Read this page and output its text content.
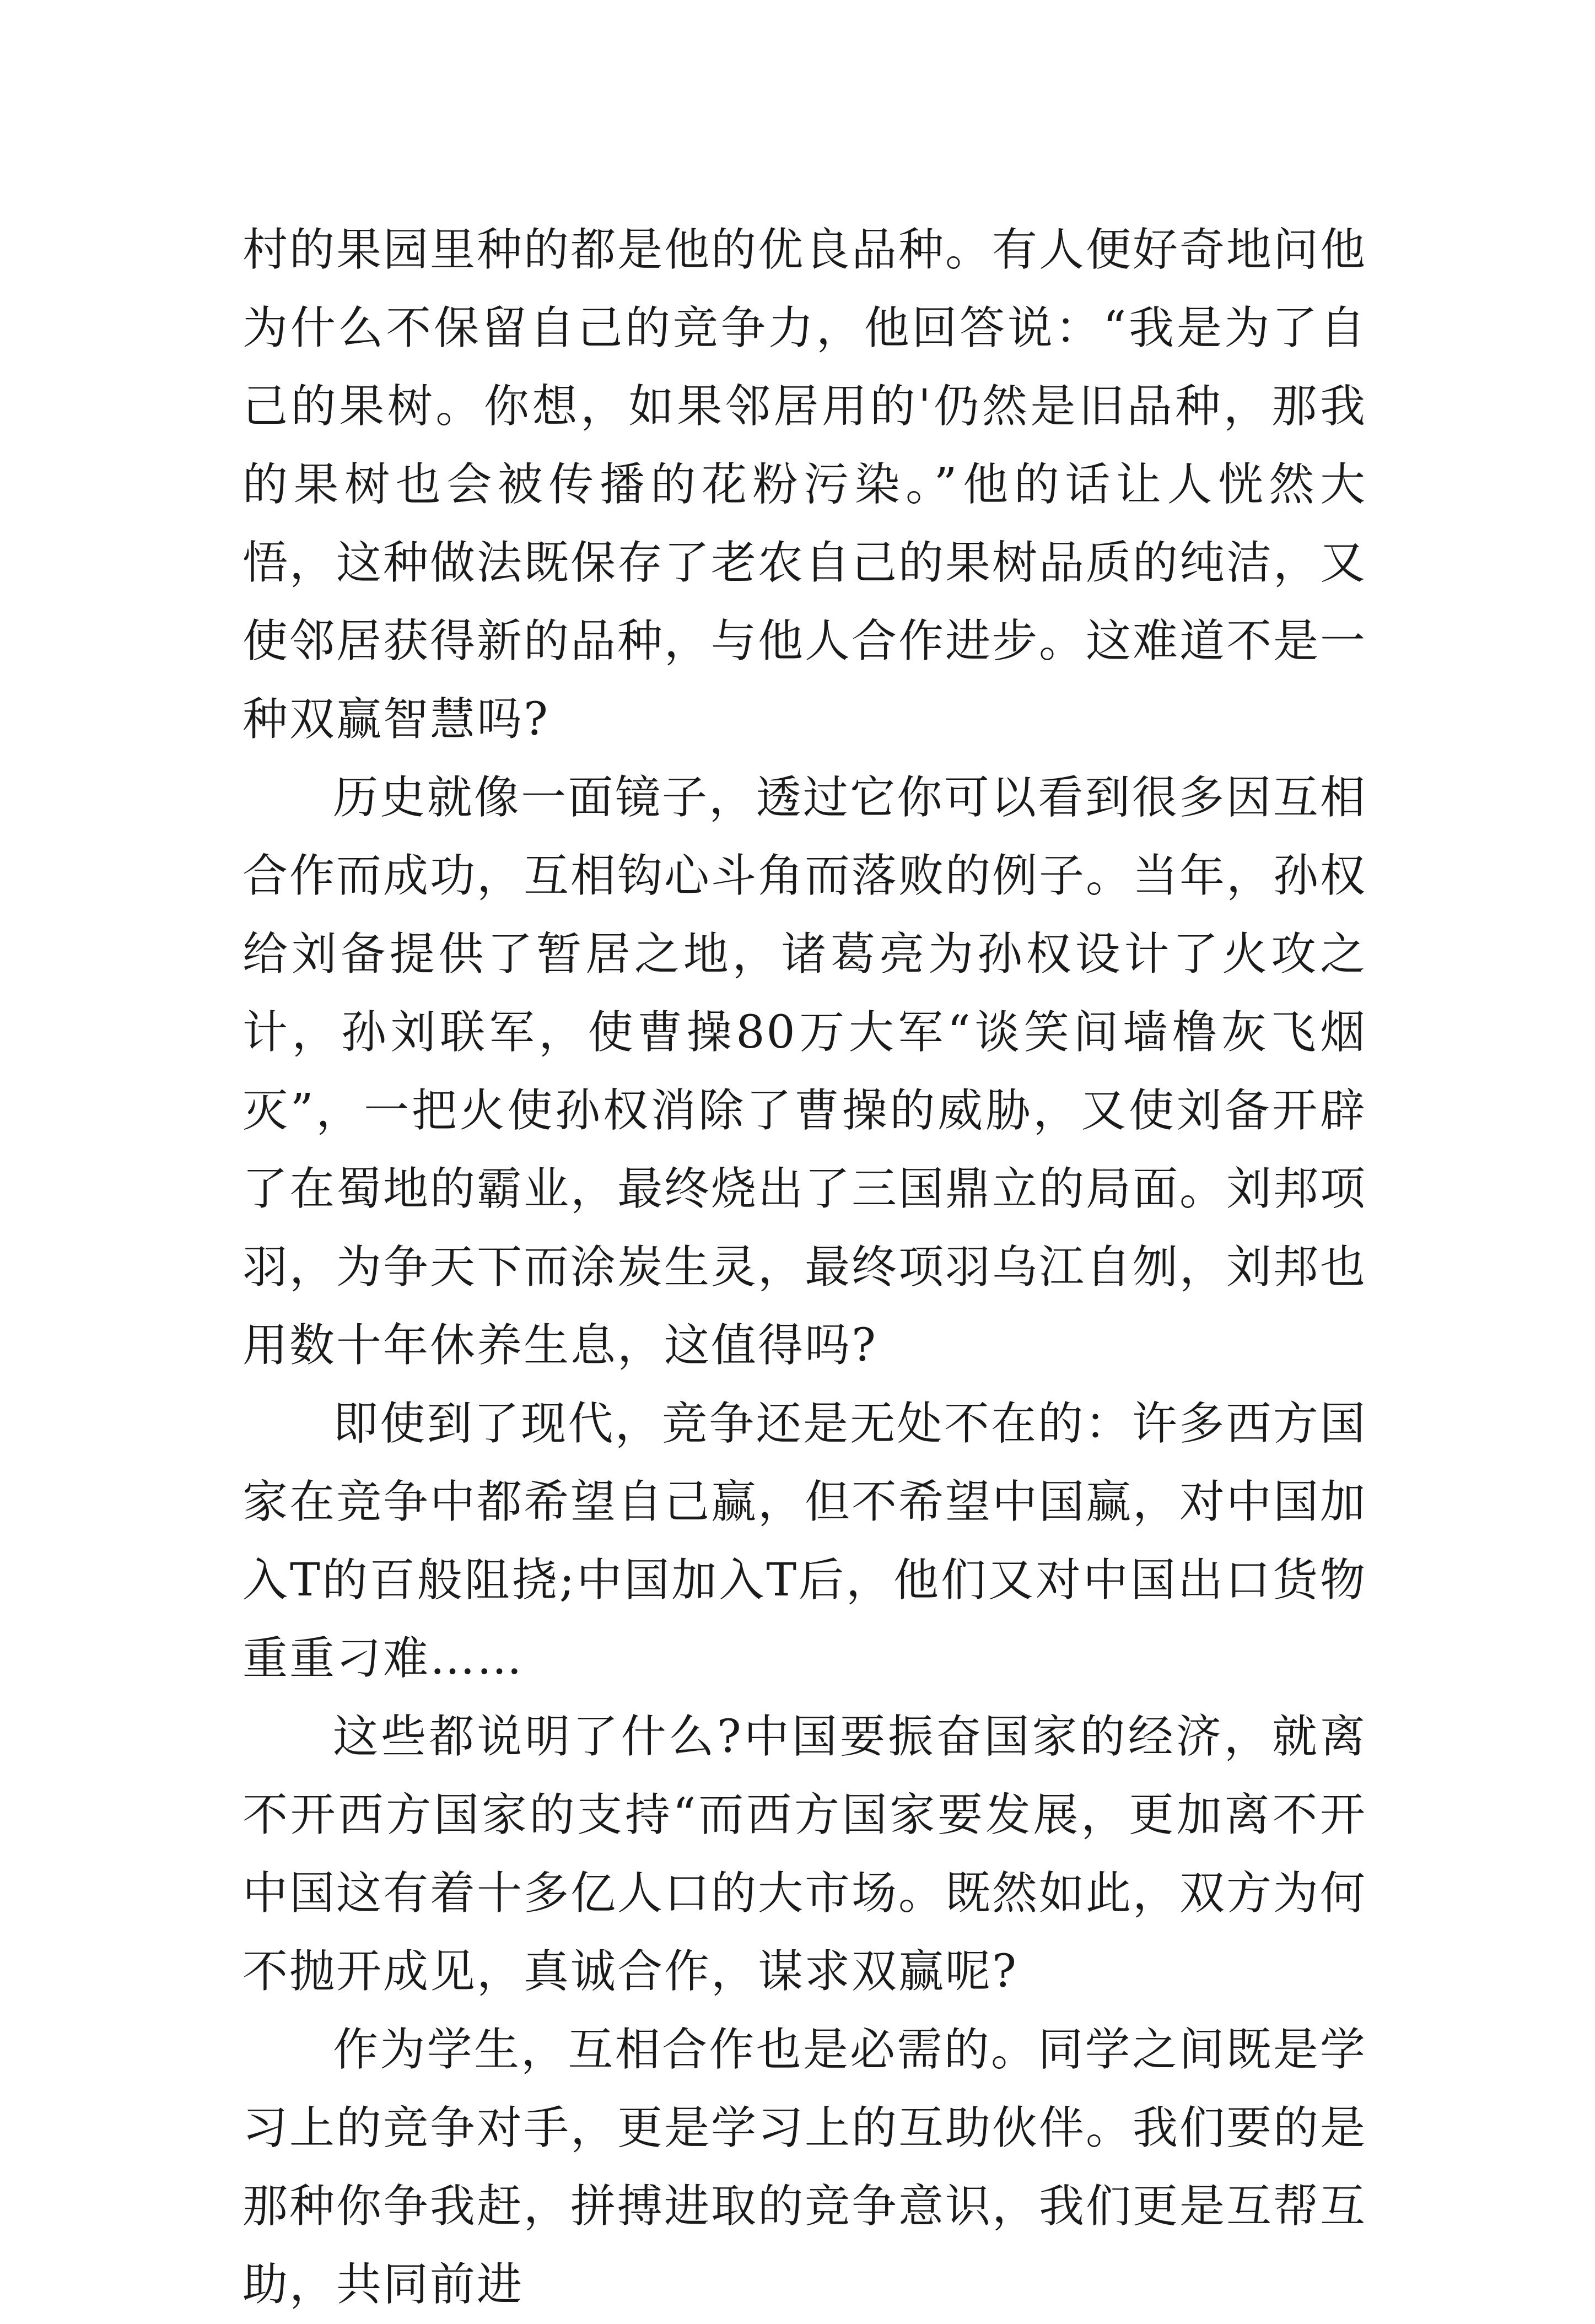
村的果园里种的都是他的优良品种。有人便好奇地问他为什么不保留自己的竞争力，他回答说：“我是为了自己的果树。你想，如果邻居用的'仍然是旧品种，那我的果树也会被传播的花粉污染。”他的话让人恍然大悟，这种做法既保存了老农自己的果树品质的纯洁，又使邻居获得新的品种，与他人合作进步。这难道不是一种双赢智慧吗?

历史就像一面镜子，透过它你可以看到很多因互相合作而成功，互相钩心斗角而落败的例子。当年，孙权给刘备提供了暂居之地，诸葛亮为孙权设计了火攻之计，孙刘联军，使曹操80万大军“谈笑间墙橹灰飞烟灭”，一把火使孙权消除了曹操的威胁，又使刘备开辟了在蜀地的霸业，最终烧出了三国鼎立的局面。刘邦项羽，为争天下而涂炭生灵，最终项羽乌江自刎，刘邦也用数十年休养生息，这值得吗?

即使到了现代，竞争还是无处不在的：许多西方国家在竞争中都希望自己赢，但不希望中国赢，对中国加入T的百般阻挠;中国加入T后，他们又对中国出口货物重重刁难……

这些都说明了什么?中国要振奋国家的经济，就离不开西方国家的支持“而西方国家要发展，更加离不开中国这有着十多亿人口的大市场。既然如此，双方为何不抛开成见，真诚合作，谋求双赢呢?

作为学生，互相合作也是必需的。同学之间既是学习上的竞争对手，更是学习上的互助伙伴。我们要的是那种你争我赶，拼搏进取的竞争意识，我们更是互帮互助，共同前进
